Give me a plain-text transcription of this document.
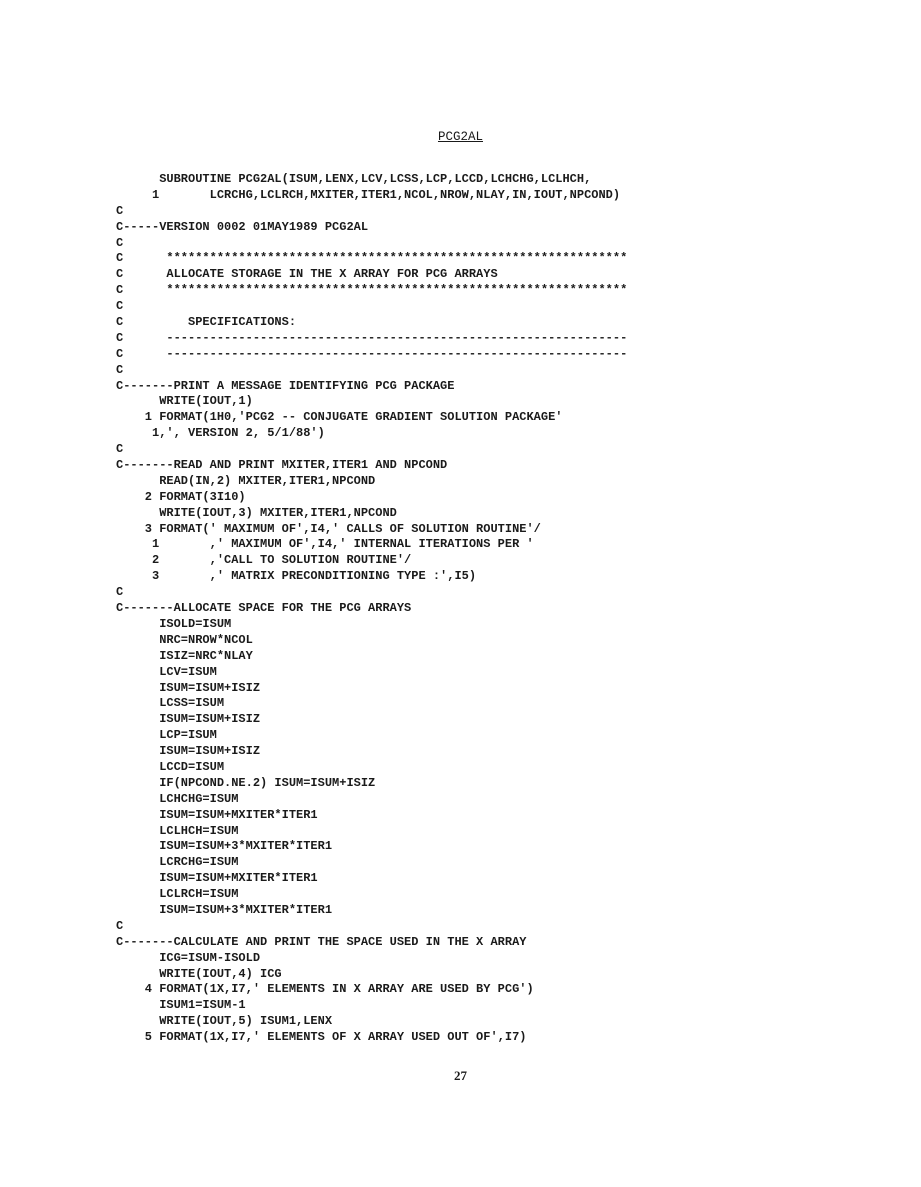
PCG2AL
SUBROUTINE PCG2AL(ISUM,LENX,LCV,LCSS,LCP,LCCD,LCHCHG,LCLHCH,
1       LCRCHG,LCLRCH,MXITER,ITER1,NCOL,NROW,NLAY,IN,IOUT,NPCOND)
C
C-----VERSION 0002 01MAY1989 PCG2AL
C
C      ****************************************************************
C      ALLOCATE STORAGE IN THE X ARRAY FOR PCG ARRAYS
C      ****************************************************************
C
C         SPECIFICATIONS:
C      ----------------------------------------------------------------
C      ----------------------------------------------------------------
C
C-------PRINT A MESSAGE IDENTIFYING PCG PACKAGE
WRITE(IOUT,1)
1 FORMAT(1H0,'PCG2 -- CONJUGATE GRADIENT SOLUTION PACKAGE'
1,', VERSION 2, 5/1/88')
C
C-------READ AND PRINT MXITER,ITER1 AND NPCOND
READ(IN,2) MXITER,ITER1,NPCOND
2 FORMAT(3I10)
WRITE(IOUT,3) MXITER,ITER1,NPCOND
3 FORMAT(' MAXIMUM OF',I4,' CALLS OF SOLUTION ROUTINE'/
1       ,' MAXIMUM OF',I4,' INTERNAL ITERATIONS PER '
2       ,'CALL TO SOLUTION ROUTINE'/
3       ,' MATRIX PRECONDITIONING TYPE :',I5)
C
C-------ALLOCATE SPACE FOR THE PCG ARRAYS
ISOLD=ISUM
NRC=NROW*NCOL
ISIZ=NRC*NLAY
LCV=ISUM
ISUM=ISUM+ISIZ
LCSS=ISUM
ISUM=ISUM+ISIZ
LCP=ISUM
ISUM=ISUM+ISIZ
LCCD=ISUM
IF(NPCOND.NE.2) ISUM=ISUM+ISIZ
LCHCHG=ISUM
ISUM=ISUM+MXITER*ITER1
LCLHCH=ISUM
ISUM=ISUM+3*MXITER*ITER1
LCRCHG=ISUM
ISUM=ISUM+MXITER*ITER1
LCLRCH=ISUM
ISUM=ISUM+3*MXITER*ITER1
C
C-------CALCULATE AND PRINT THE SPACE USED IN THE X ARRAY
ICG=ISUM-ISOLD
WRITE(IOUT,4) ICG
4 FORMAT(1X,I7,' ELEMENTS IN X ARRAY ARE USED BY PCG')
ISUM1=ISUM-1
WRITE(IOUT,5) ISUM1,LENX
5 FORMAT(1X,I7,' ELEMENTS OF X ARRAY USED OUT OF',I7)
27
